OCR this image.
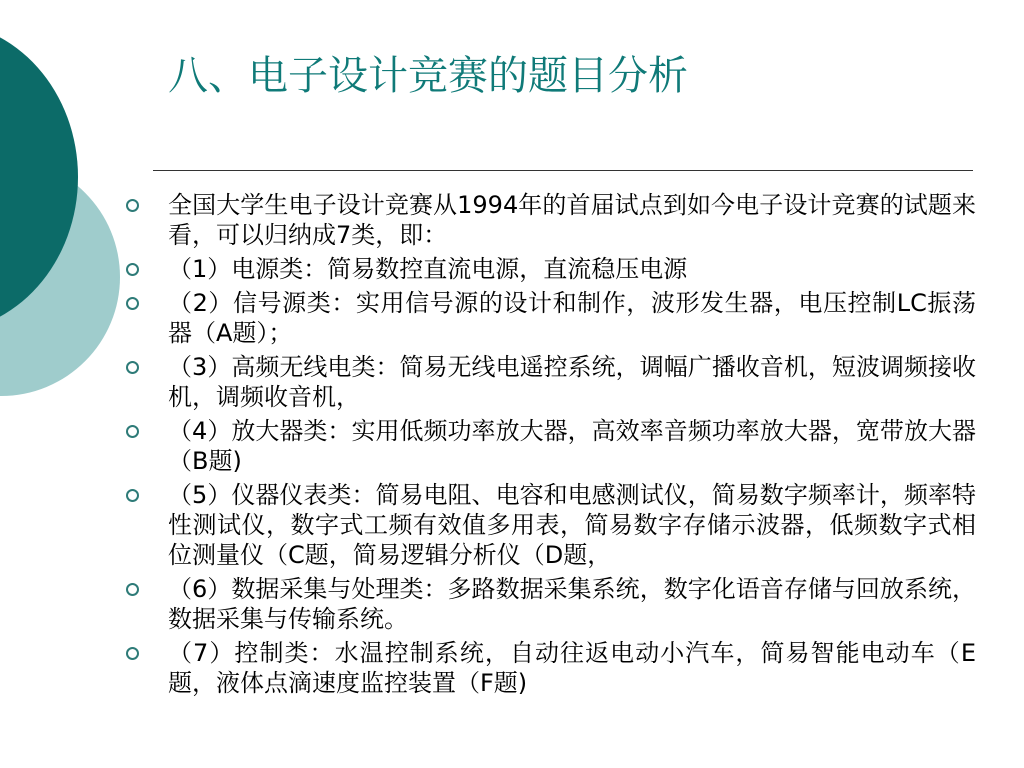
八、电子设计竞赛的题目分析
全国大学生电子设计竞赛从1994年的首届试点到如今电子设计竞赛的试题来看，可以归纳成7类，即：
（1）电源类：简易数控直流电源，直流稳压电源
（2）信号源类：实用信号源的设计和制作，波形发生器，电压控制LC振荡器（A题）；
（3）高频无线电类：简易无线电遥控系统，调幅广播收音机，短波调频接收机，调频收音机，
（4）放大器类：实用低频功率放大器，高效率音频功率放大器，宽带放大器（B题)
（5）仪器仪表类：简易电阻、电容和电感测试仪，简易数字频率计，频率特性测试仪，数字式工频有效值多用表，简易数字存储示波器，低频数字式相位测量仪（C题，简易逻辑分析仪（D题，
（6）数据采集与处理类：多路数据采集系统，数字化语音存储与回放系统，数据采集与传输系统。
（7）控制类：水温控制系统，自动往返电动小汽车，简易智能电动车（E题，液体点滴速度监控装置（F题)
